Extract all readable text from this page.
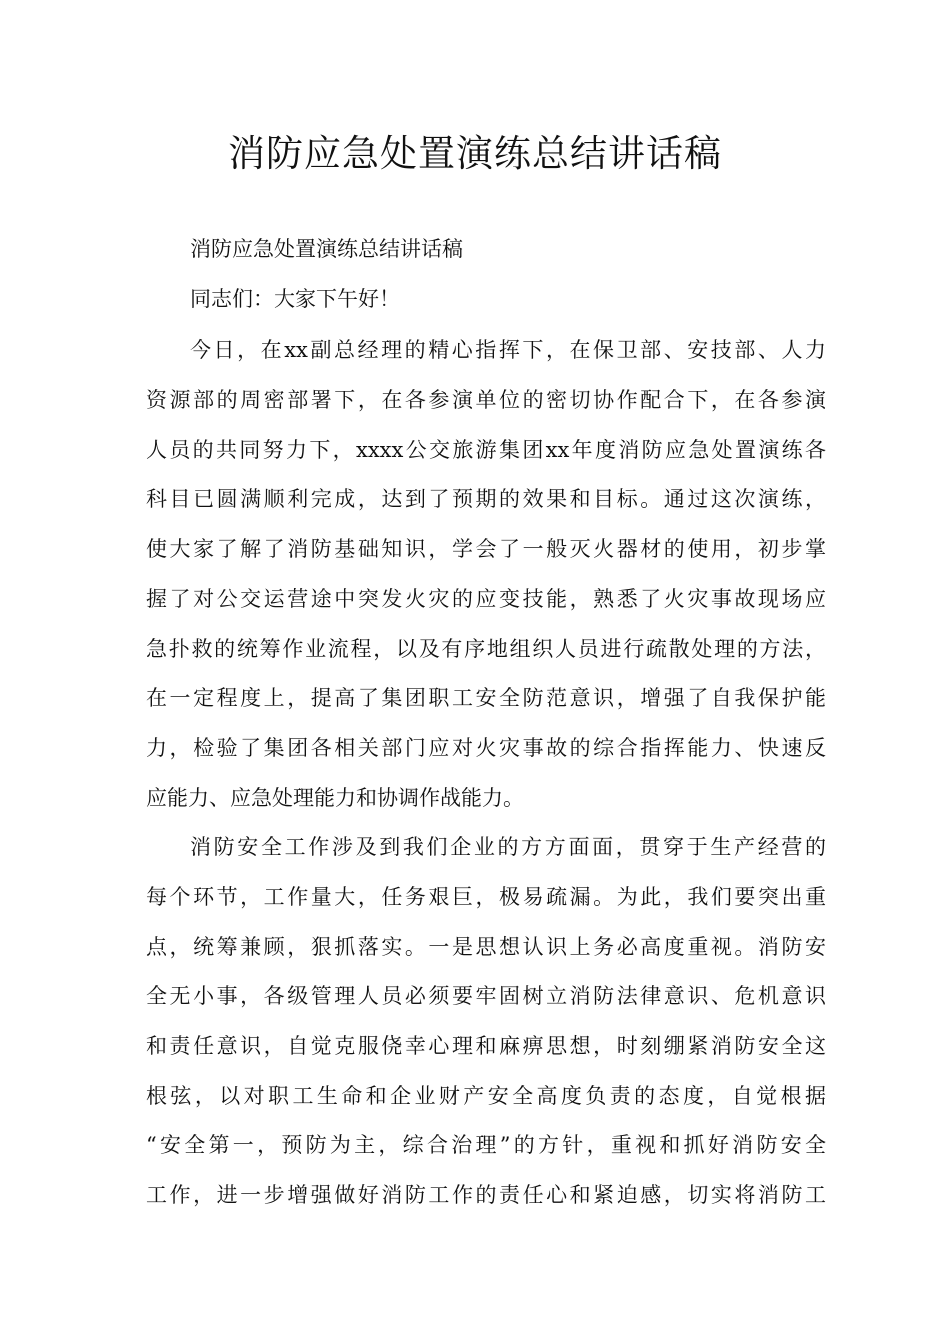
消防应急处置演练总结讲话稿

消防应急处置演练总结讲话稿

同志们：大家下午好！

今日，在xx副总经理的精心指挥下，在保卫部、安技部、人力

资源部的周密部署下，在各参演单位的密切协作配合下，在各参演

人员的共同努力下，xxxx公交旅游集团xx年度消防应急处置演练各

科目已圆满顺利完成，达到了预期的效果和目标。通过这次演练，

使大家了解了消防基础知识，学会了一般灭火器材的使用，初步掌

握了对公交运营途中突发火灾的应变技能，熟悉了火灾事故现场应

急扑救的统筹作业流程，以及有序地组织人员进行疏散处理的方法，

在一定程度上，提高了集团职工安全防范意识，增强了自我保护能

力，检验了集团各相关部门应对火灾事故的综合指挥能力、快速反

应能力、应急处理能力和协调作战能力。

消防安全工作涉及到我们企业的方方面面，贯穿于生产经营的

每个环节，工作量大，任务艰巨，极易疏漏。为此，我们要突出重

点，统筹兼顾，狠抓落实。一是思想认识上务必高度重视。消防安

全无小事，各级管理人员必须要牢固树立消防法律意识、危机意识

和责任意识，自觉克服侥幸心理和麻痹思想，时刻绷紧消防安全这

根弦，以对职工生命和企业财产安全高度负责的态度，自觉根据

“安全第一，预防为主，综合治理”的方针，重视和抓好消防安全

工作，进一步增强做好消防工作的责任心和紧迫感，切实将消防工
